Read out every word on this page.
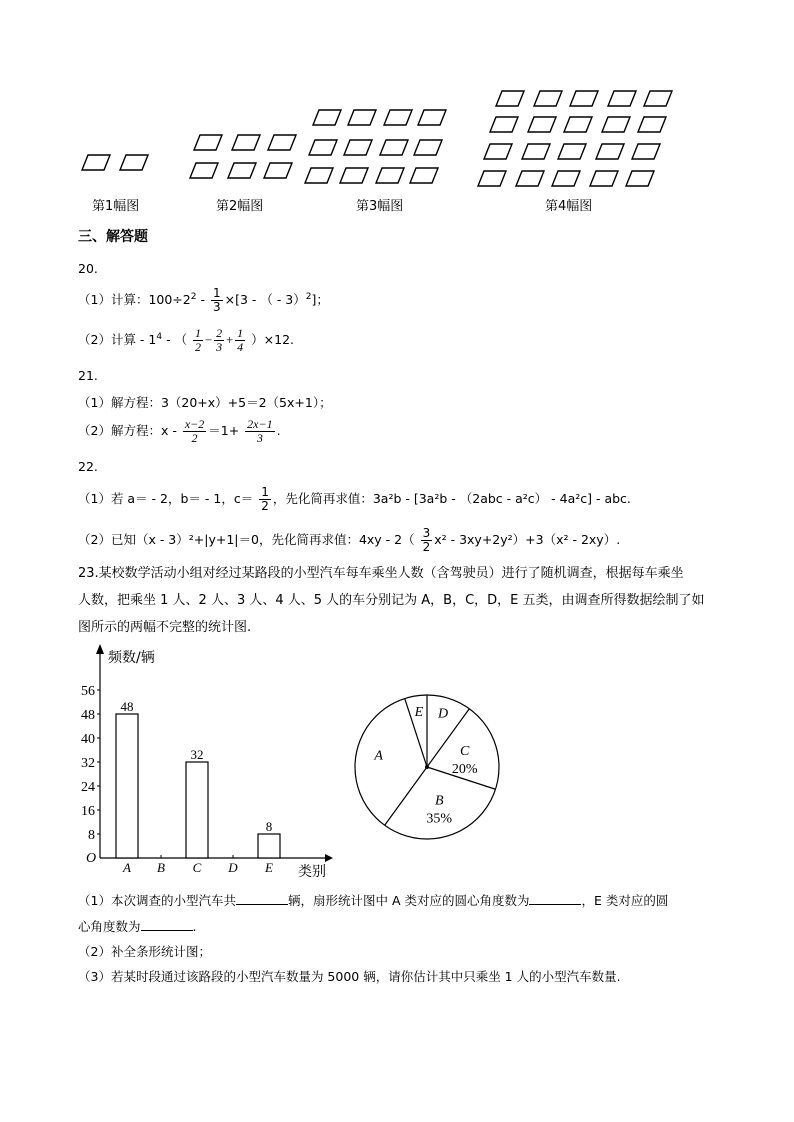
第1幅图	第2幅图	第3幅图	第4幅图
三、解答题
20.
（1）计算：$100\div 2^2 - \frac{1}{3} \times[3$ - （ - 3）$^2$]；
（2）计算 - $1^4$ - （ $\frac{1}{2} - \frac{2}{3} + \frac{1}{4} )\times 12$.
21.
（1）解方程：3（20+x）+5＝2（5x+1）；
（2）解方程：$x - \frac{x-2}{2} =1+ \frac{2x-1}{3}$ .
22.
（1）若 a＝ - 2，b＝ - 1，$c= \frac{1}{2}$ ，先化简再求值：3a²b - [3a²b - （2abc - a²c） - 4a²c] - abc.
（2）已知（x - 3）²+|y+1|＝0，先化简再求值：$4xy - 2( \frac{3}{2} x^2 - 3xy+2y^2)+3(x^2 - 2xy)$.
23.某校数学活动小组对经过某路段的小型汽车每车乘坐人数（含驾驶员）进行了随机调查，根据每车乘坐
人数，把乘坐 1 人、2 人、3 人、4 人、5 人的车分别记为 A，B，C，D，E 五类，由调查所得数据绘制了如
图所示的两幅不完整的统计图.
频数/辆
类别
O
8
16
24
32
40
48
56
A
48
B C
32
D E
8
A
B
35%
C
20%
D
E
（1）本次调查的小型汽车共	辆，扇形统计图中 A 类对应的圆心角度数为	，E 类对应的圆
心角度数为	.
（2）补全条形统计图；
（3）若某时段通过该路段的小型汽车数量为 5000 辆，请你估计其中只乘坐 1 人的小型汽车数量.
